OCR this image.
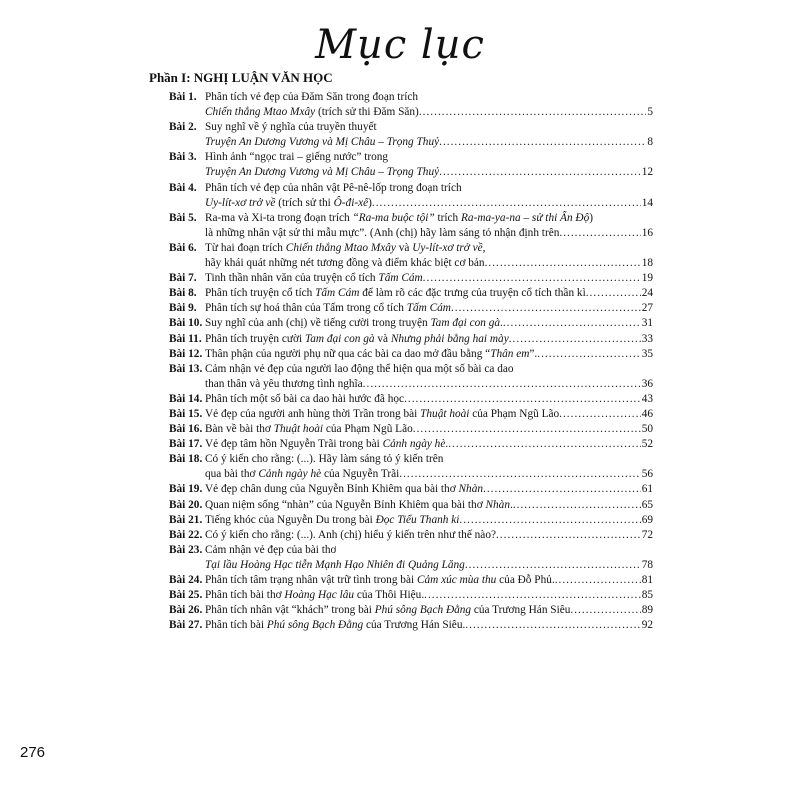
Mục lục
Phần I: NGHỊ LUẬN VĂN HỌC
Bài 1. Phân tích vẻ đẹp của Đăm Săn trong đoạn trích
Chiến thắng Mtao Mxây (trích sử thi Đăm Săn) .....	5
Bài 2. Suy nghĩ về ý nghĩa của truyền thuyết
Truyện An Dương Vương và Mị Châu – Trọng Thuỷ .....	8
Bài 3. Hình ảnh “ngọc trai – giếng nước” trong
Truyện An Dương Vương và Mị Châu – Trọng Thuỷ .....	12
Bài 4. Phân tích vẻ đẹp của nhân vật Pê-nê-lốp trong đoạn trích
Uy-lít-xơ trở về (trích sử thi Ô-đi-xê) .....	14
Bài 5. Ra-ma và Xi-ta trong đoạn trích “Ra-ma buộc tội” trích Ra-ma-ya-na – sử thi Ấn Độ)
là những nhân vật sử thi mẫu mực”. (Anh (chị) hãy làm sáng tỏ nhận định trên .....	16
Bài 6. Từ hai đoạn trích Chiến thắng Mtao Mxây và Uy-lít-xơ trở về,
hãy khái quát những nét tương đồng và điểm khác biệt cơ bản .....	18
Bài 7. Tinh thần nhân văn của truyện cổ tích Tấm Cám .....	19
Bài 8. Phân tích truyện cổ tích Tấm Cám để làm rõ các đặc trưng của truyện cổ tích thần kì .....	24
Bài 9. Phân tích sự hoá thân của Tấm trong cổ tích Tấm Cám .....	27
Bài 10. Suy nghĩ của anh (chị) về tiếng cười trong truyện Tam đại con gà. .....	31
Bài 11. Phân tích truyện cười Tam đại con gà và Nhưng phải bằng hai mày .....	33
Bài 12. Thân phận của người phụ nữ qua các bài ca dao mở đầu bằng “Thân em”. .....	35
Bài 13. Cảm nhận vẻ đẹp của người lao động thể hiện qua một số bài ca dao
than thân và yêu thương tình nghĩa .....	36
Bài 14. Phân tích một số bài ca dao hài hước đã học .....	43
Bài 15. Vẻ đẹp của người anh hùng thời Trần trong bài Thuật hoài của Phạm Ngũ Lão .....	46
Bài 16. Bàn về bài thơ Thuật hoài của Phạm Ngũ Lão .....	50
Bài 17. Vẻ đẹp tâm hồn Nguyễn Trãi trong bài Cảnh ngày hè. .....	52
Bài 18. Có ý kiến cho rằng: (...). Hãy làm sáng tỏ ý kiến trên
qua bài thơ Cảnh ngày hè của Nguyễn Trãi .....	56
Bài 19. Vẻ đẹp chân dung của Nguyễn Bỉnh Khiêm qua bài thơ Nhàn .....	61
Bài 20. Quan niệm sống “nhàn” của Nguyễn Bỉnh Khiêm qua bài thơ Nhàn. .....	65
Bài 21. Tiếng khóc của Nguyễn Du trong bài Đọc Tiểu Thanh kí .....	69
Bài 22. Có ý kiến cho rằng: (...). Anh (chị) hiểu ý kiến trên như thế nào? .....	72
Bài 23. Cảm nhận vẻ đẹp của bài thơ
Tại lầu Hoàng Hạc tiễn Mạnh Hạo Nhiên đi Quảng Lăng .....	78
Bài 24. Phân tích tâm trạng nhân vật trữ tình trong bài Cảm xúc mùa thu của Đỗ Phủ. .....	81
Bài 25. Phân tích bài thơ Hoàng Hạc lâu của Thôi Hiệu. .....	85
Bài 26. Phân tích nhân vật “khách” trong bài Phú sông Bạch Đằng của Trương Hán Siêu .....	89
Bài 27. Phân tích bài Phú sông Bạch Đằng của Trương Hán Siêu. .....	92
276
